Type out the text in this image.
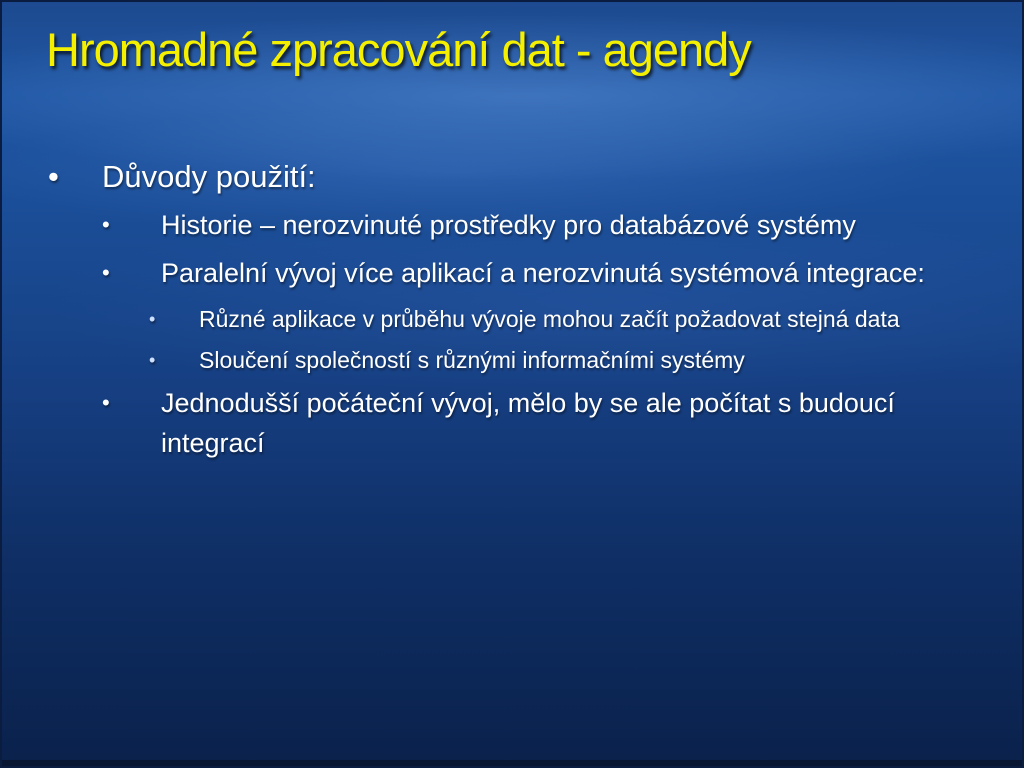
Hromadné zpracování dat - agendy
• Důvody použití:
• Historie – nerozvinuté prostředky pro databázové systémy
• Paralelní vývoj více aplikací a nerozvinutá systémová integrace:
• Různé aplikace v průběhu vývoje mohou začít požadovat stejná data
• Sloučení společností s různými informačními systémy
• Jednodušší počáteční vývoj, mělo by se ale počítat s budoucí integrací
